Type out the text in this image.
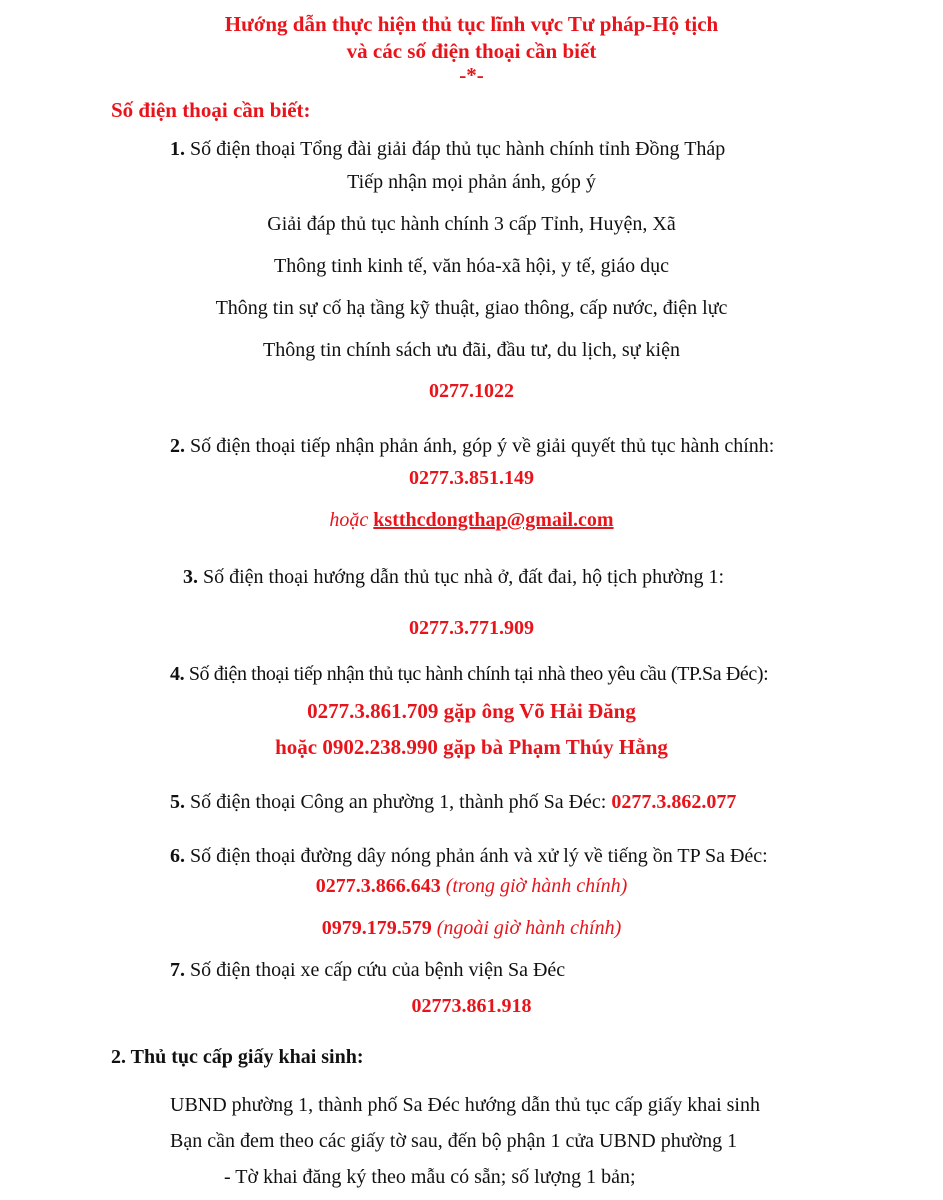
Hướng dẫn thực hiện thủ tục lĩnh vực Tư pháp-Hộ tịch
và các số điện thoại cần biết
-*-
Số điện thoại cần biết:
1. Số điện thoại Tổng đài giải đáp thủ tục hành chính tỉnh Đồng Tháp
Tiếp nhận mọi phản ánh, góp ý
Giải đáp thủ tục hành chính 3 cấp Tỉnh, Huyện, Xã
Thông tinh kinh tế, văn hóa-xã hội, y tế, giáo dục
Thông tin sự cố hạ tầng kỹ thuật, giao thông, cấp nước, điện lực
Thông tin chính sách ưu đãi, đầu tư, du lịch, sự kiện
0277.1022
2. Số điện thoại tiếp nhận phản ánh, góp ý về giải quyết thủ tục hành chính:
0277.3.851.149
hoặc kstthcdongthap@gmail.com
3. Số điện thoại hướng dẫn thủ tục nhà ở, đất đai, hộ tịch phường 1:
0277.3.771.909
4. Số điện thoại tiếp nhận thủ tục hành chính tại nhà theo yêu cầu (TP.Sa Đéc):
0277.3.861.709 gặp ông Võ Hải Đăng
hoặc 0902.238.990 gặp bà Phạm Thúy Hằng
5. Số điện thoại Công an phường 1, thành phố Sa Đéc: 0277.3.862.077
6. Số điện thoại đường dây nóng phản ánh và xử lý về tiếng ồn TP Sa Đéc:
0277.3.866.643 (trong giờ hành chính)
0979.179.579 (ngoài giờ hành chính)
7. Số điện thoại xe cấp cứu của bệnh viện Sa Đéc
02773.861.918
2. Thủ tục cấp giấy khai sinh:
UBND phường 1, thành phố Sa Đéc hướng dẫn thủ tục cấp giấy khai sinh
Bạn cần đem theo các giấy tờ sau, đến bộ phận 1 cửa UBND phường 1
- Tờ khai đăng ký theo mẫu có sẵn; số lượng 1 bản;
